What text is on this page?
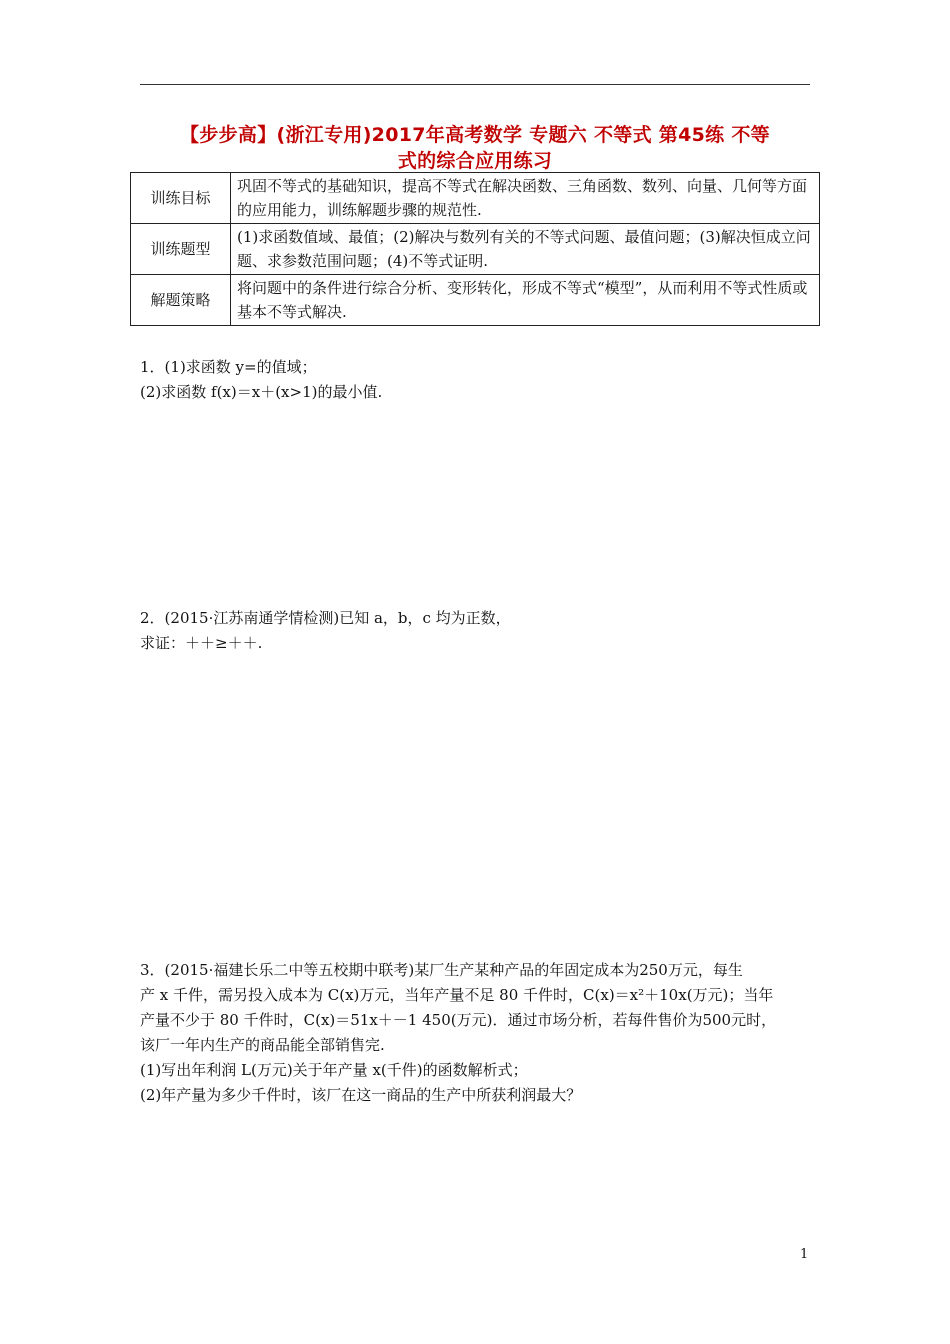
【步步高】(浙江专用)2017年高考数学 专题六 不等式 第45练 不等
式的综合应用练习
训练目标	巩固不等式的基础知识，提高不等式在解决函数、三角函数、数列、向量、几何等方面的应用能力，训练解题步骤的规范性.
训练题型	(1)求函数值域、最值；(2)解决与数列有关的不等式问题、最值问题；(3)解决恒成立问题、求参数范围问题；(4)不等式证明.
解题策略	将问题中的条件进行综合分析、变形转化，形成不等式“模型”，从而利用不等式性质或基本不等式解决.

1．(1)求函数 y=的值域；

(2)求函数 f(x)＝x＋(x>1)的最小值.

2．(2015·江苏南通学情检测)已知 a，b，c 均为正数，

求证：＋＋≥＋＋.

3．(2015·福建长乐二中等五校期中联考)某厂生产某种产品的年固定成本为250万元，每生

产 x 千件，需另投入成本为 C(x)万元，当年产量不足 80 千件时，C(x)＝x²＋10x(万元)；当年

产量不少于 80 千件时，C(x)＝51x＋－1 450(万元)．通过市场分析，若每件售价为500元时，

该厂一年内生产的商品能全部销售完.

(1)写出年利润 L(万元)关于年产量 x(千件)的函数解析式；

(2)年产量为多少千件时，该厂在这一商品的生产中所获利润最大？

1
